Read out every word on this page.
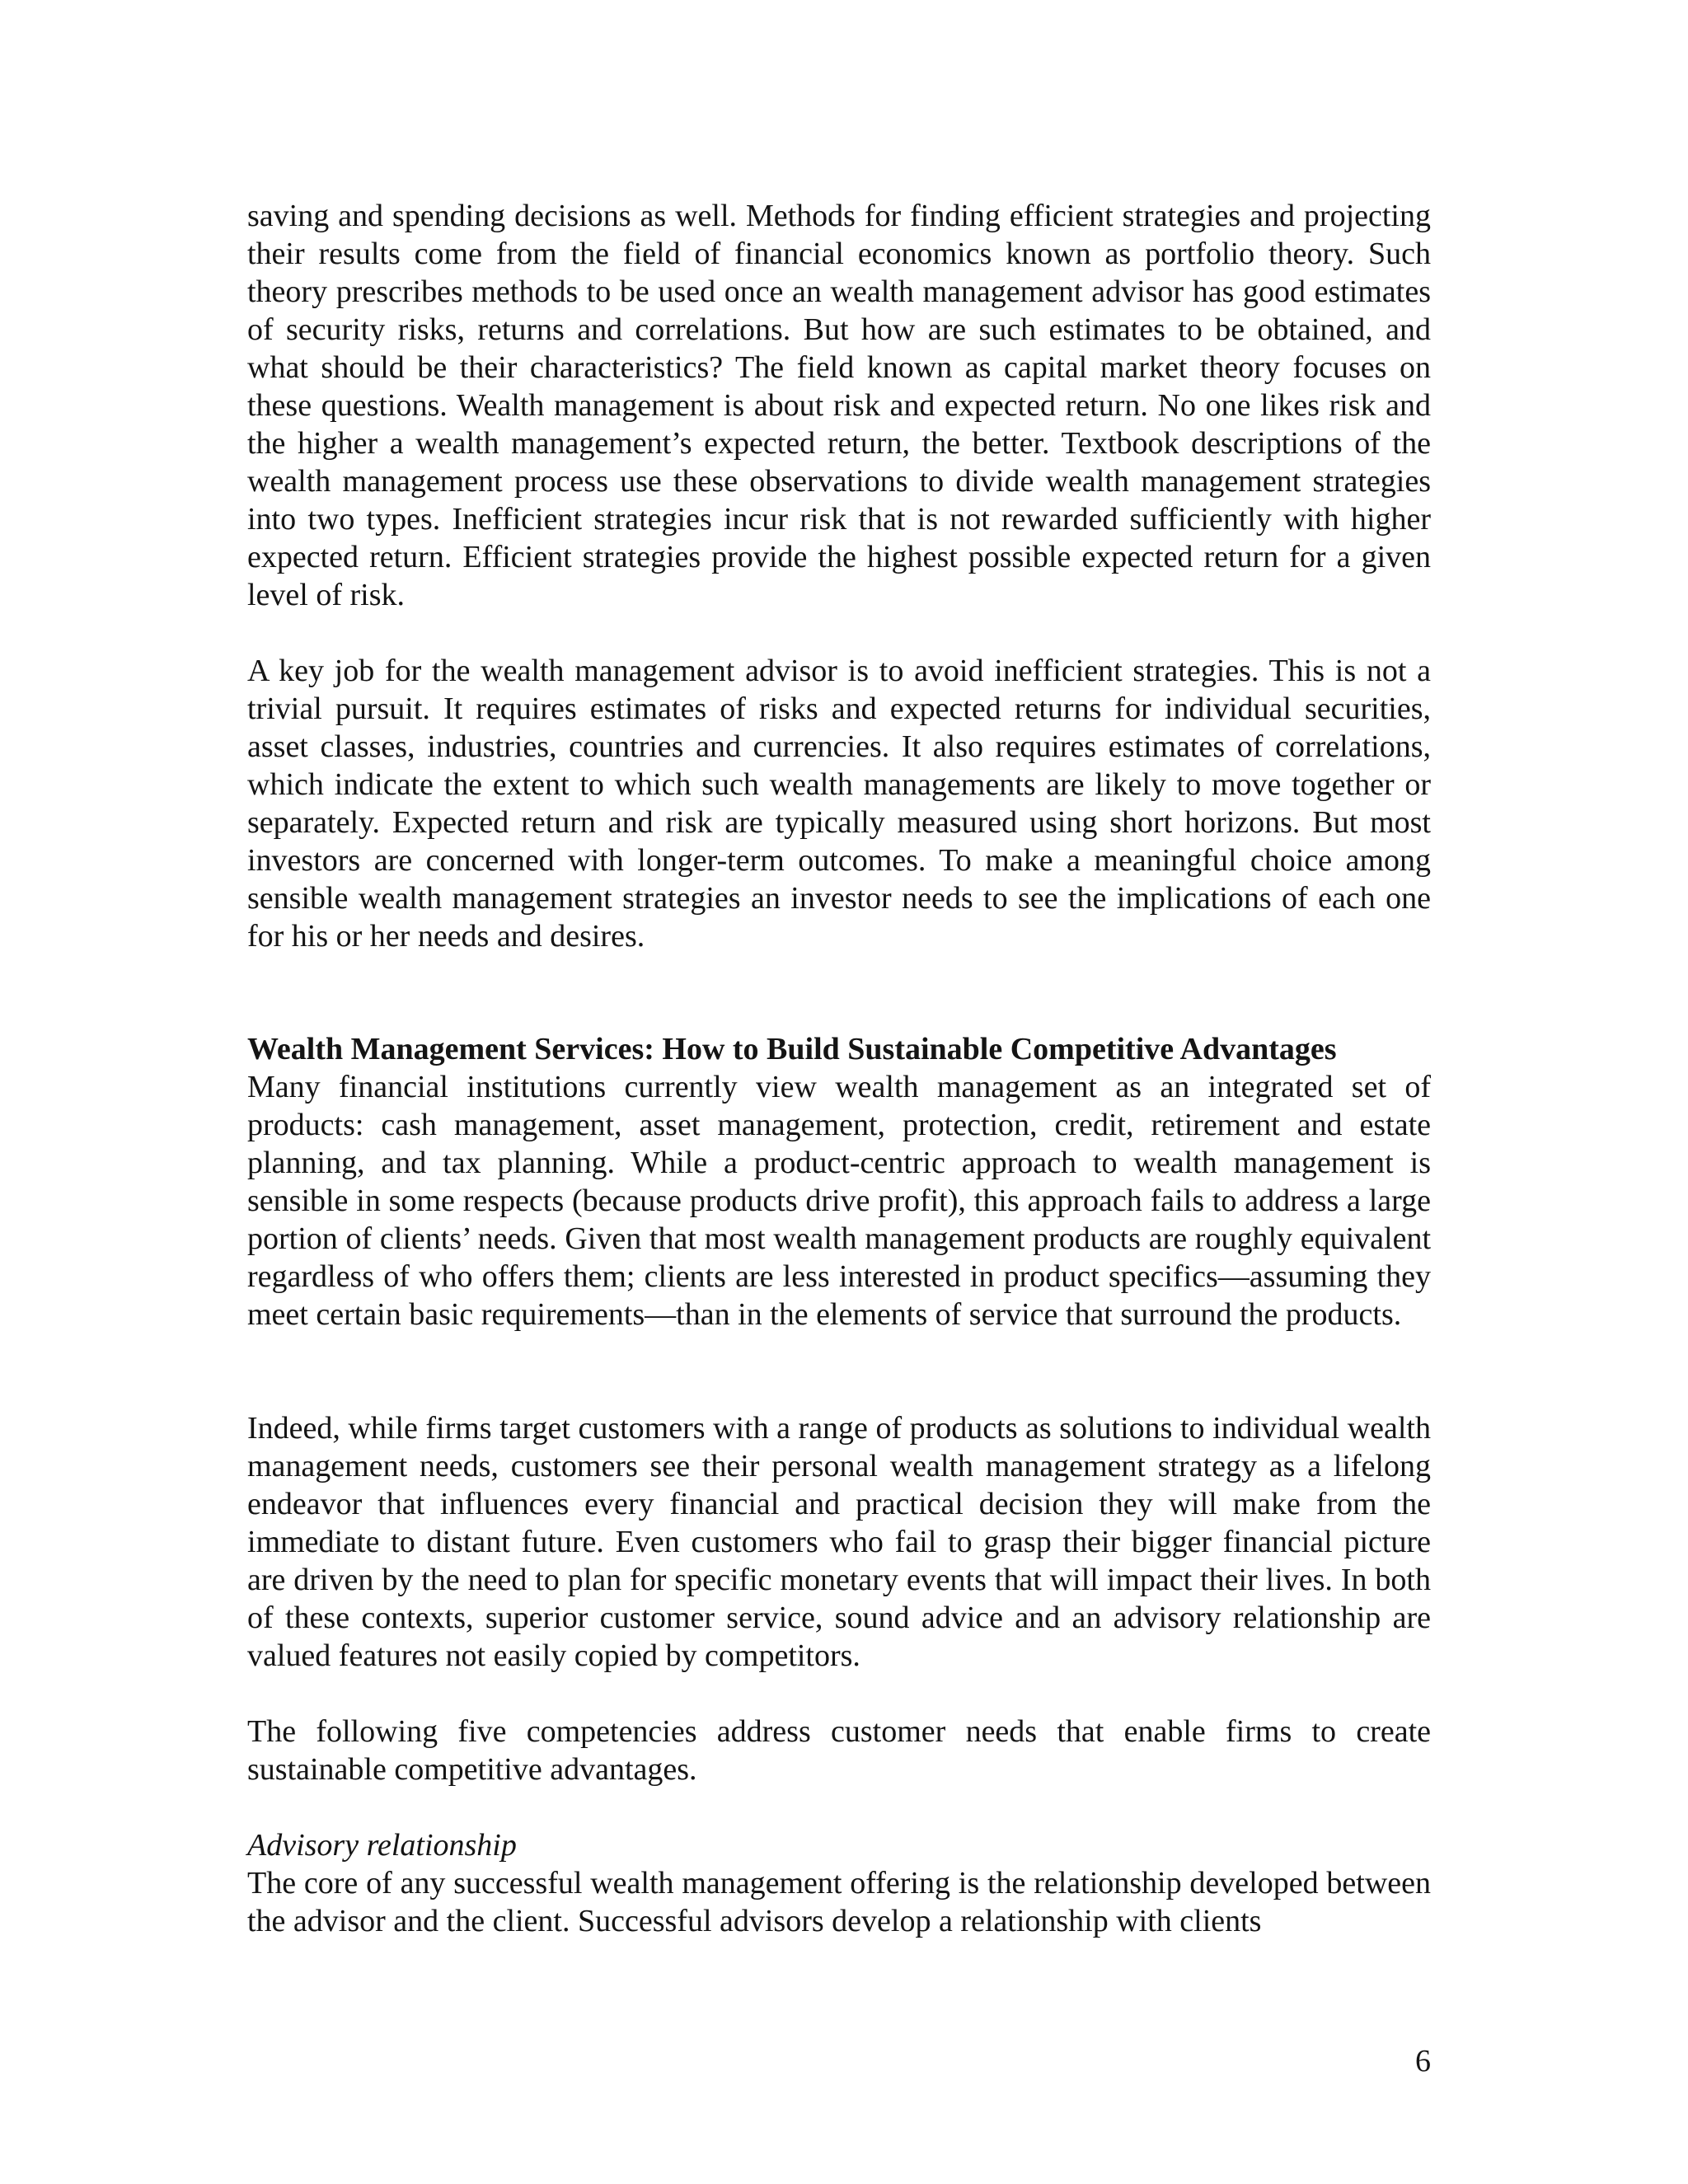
saving and spending decisions as well. Methods for finding efficient strategies and projecting their results come from the field of financial economics known as portfolio theory. Such theory prescribes methods to be used once an wealth management advisor has good estimates of security risks, returns and correlations. But how are such estimates to be obtained, and what should be their characteristics? The field known as capital market theory focuses on these questions. Wealth management is about risk and expected return. No one likes risk and the higher a wealth management’s expected return, the better. Textbook descriptions of the wealth management process use these observations to divide wealth management strategies into two types. Inefficient strategies incur risk that is not rewarded sufficiently with higher expected return. Efficient strategies provide the highest possible expected return for a given level of risk.

A key job for the wealth management advisor is to avoid inefficient strategies. This is not a trivial pursuit. It requires estimates of risks and expected returns for individual securities, asset classes, industries, countries and currencies. It also requires estimates of correlations, which indicate the extent to which such wealth managements are likely to move together or separately. Expected return and risk are typically measured using short horizons. But most investors are concerned with longer-term outcomes. To make a meaningful choice among sensible wealth management strategies an investor needs to see the implications of each one for his or her needs and desires.

Wealth Management Services: How to Build Sustainable Competitive Advantages

Many financial institutions currently view wealth management as an integrated set of products: cash management, asset management, protection, credit, retirement and estate planning, and tax planning. While a product-centric approach to wealth management is sensible in some respects (because products drive profit), this approach fails to address a large portion of clients’ needs. Given that most wealth management products are roughly equivalent regardless of who offers them; clients are less interested in product specifics—assuming they meet certain basic requirements—than in the elements of service that surround the products.

Indeed, while firms target customers with a range of products as solutions to individual wealth management needs, customers see their personal wealth management strategy as a lifelong endeavor that influences every financial and practical decision they will make from the immediate to distant future. Even customers who fail to grasp their bigger financial picture are driven by the need to plan for specific monetary events that will impact their lives. In both of these contexts, superior customer service, sound advice and an advisory relationship are valued features not easily copied by competitors.

The following five competencies address customer needs that enable firms to create sustainable competitive advantages.

Advisory relationship

The core of any successful wealth management offering is the relationship developed between the advisor and the client. Successful advisors develop a relationship with clients

6
